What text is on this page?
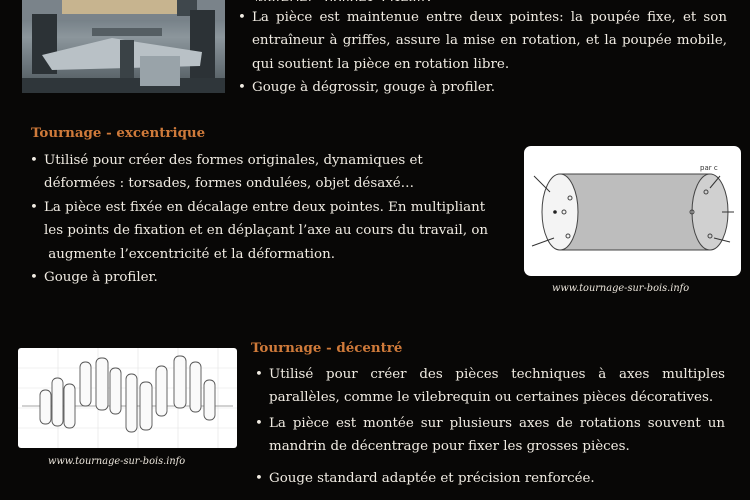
• La pièce est maintenue entre deux pointes: la poupée fixe, et son entraîneur à griffes, assure la mise en rotation, et la poupée mobile, qui soutient la pièce en rotation libre.

• Gouge à dégrossir, gouge à profiler.

Tournage - excentrique
• Utilisé pour créer des formes originales, dynamiques et
déformées : torsades, formes ondulées, objet désaxé…
• La pièce est fixée en décalage entre deux pointes. En multipliant
les points de fixation et en déplaçant l’axe au cours du travail, on
augmente l’excentricité et la déformation.
• Gouge à profiler.
par c
www.tournage-sur-bois.info
www.tournage-sur-bois.info
Tournage - décentré

• Utilisé pour créer des pièces techniques à axes multiples parallèles, comme le vilebrequin ou certaines pièces décoratives.

• La pièce est montée sur plusieurs axes de rotations souvent un mandrin de décentrage pour fixer les grosses pièces.

• Gouge standard adaptée et précision renforcée.
